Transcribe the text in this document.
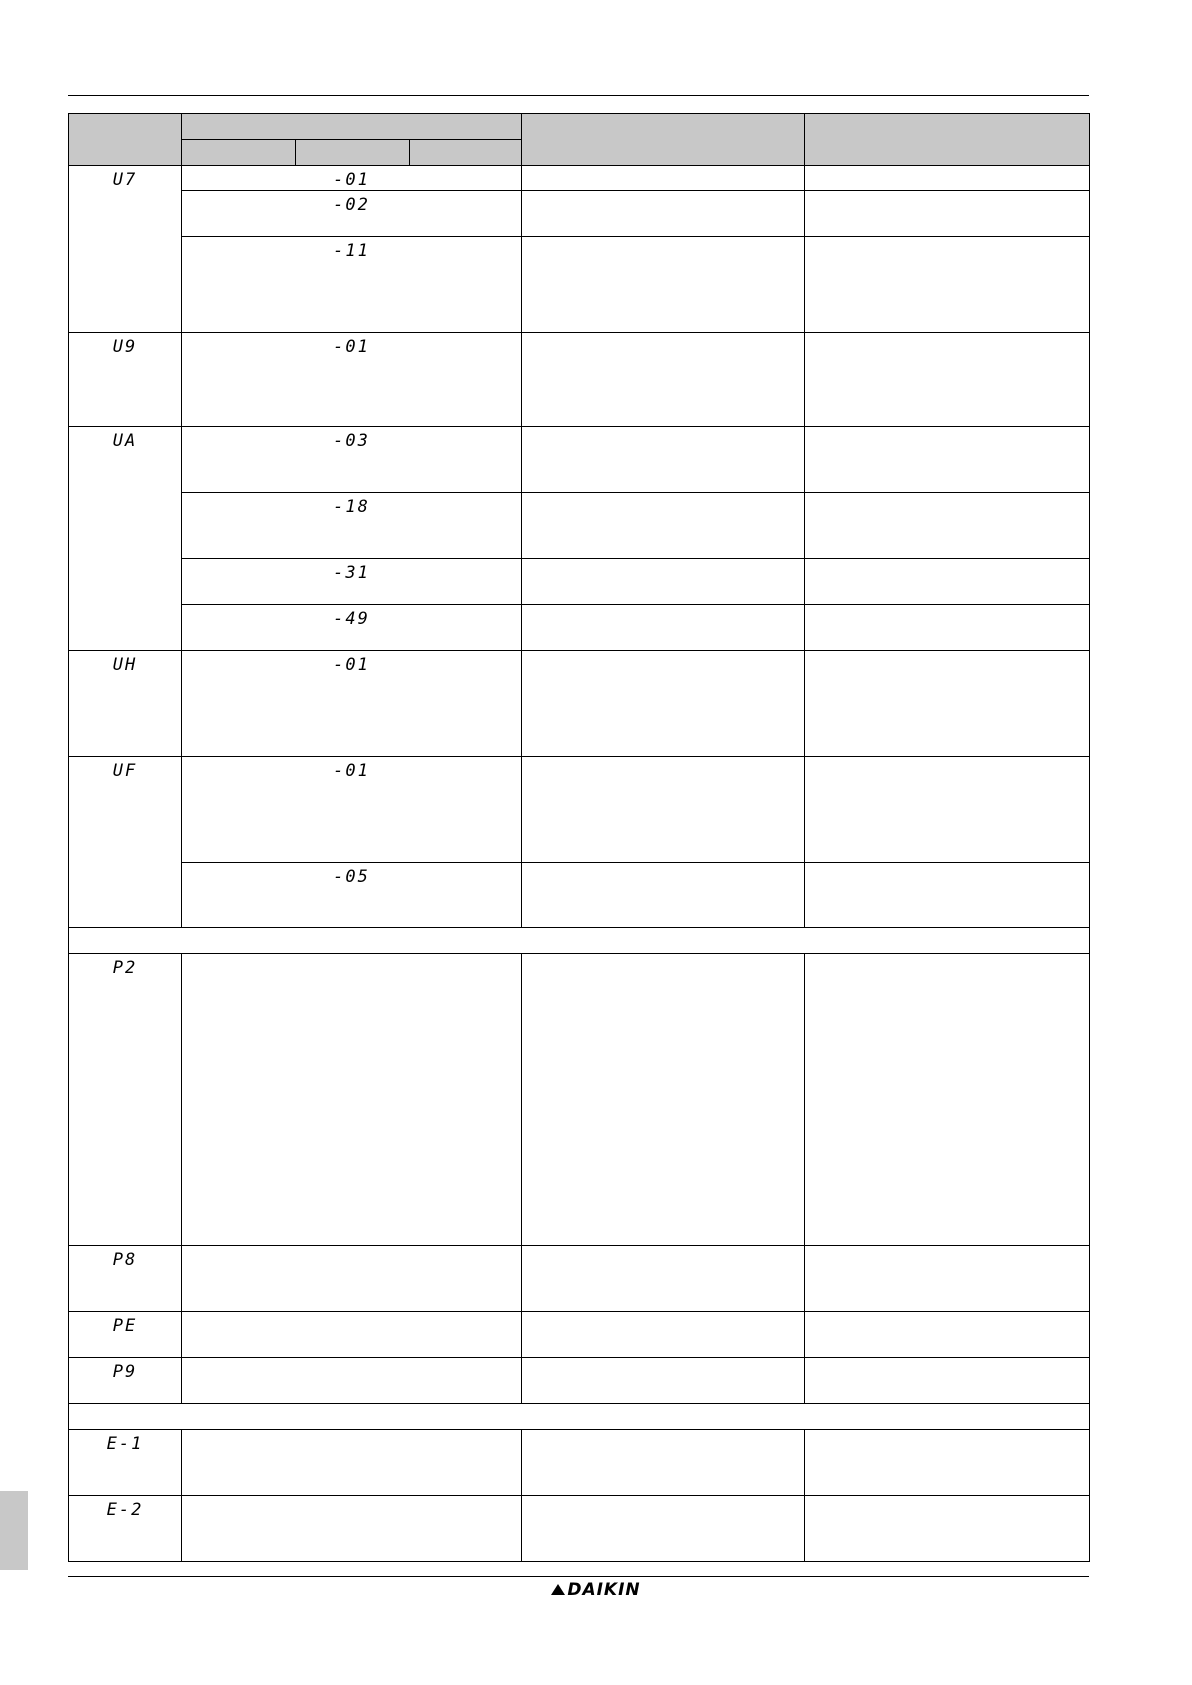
U7	-01				
	-02				
	-11				
U9	-01				
UA	-03				
	-18				
	-31				
	-49				
UH	-01				
UF	-01				
	-05				

P2					
P8					
PE					
P9					

E-1					
E-2					
DAIKIN
